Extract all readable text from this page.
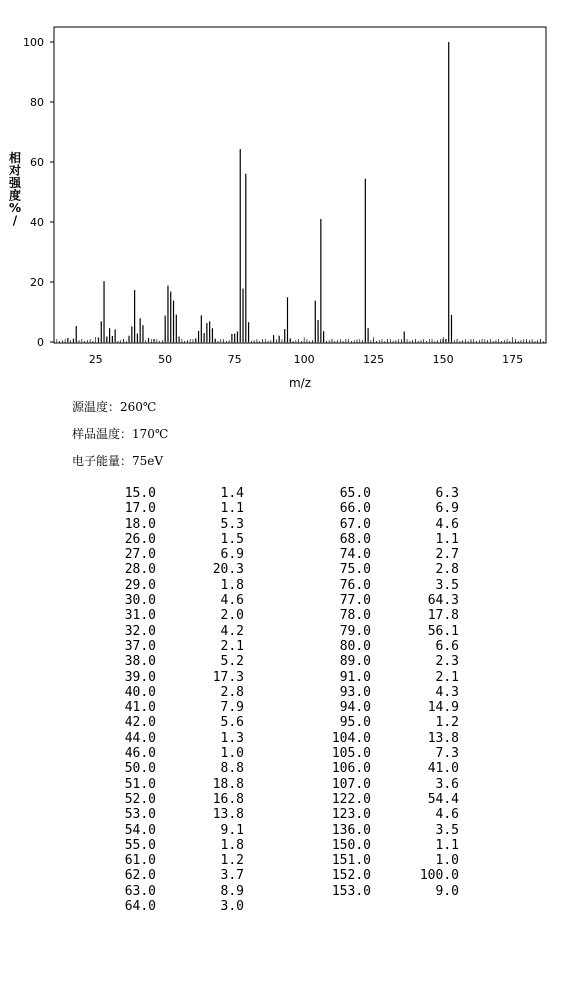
0
20
40
60
80
100
25	50	75	100	125	150	175
m/z
相
对
强
度
%
/
源温度：260℃
样品温度：170℃
电子能量：75eV
15.0	1.4
17.0	1.1
18.0	5.3
26.0	1.5
27.0	6.9
28.0	20.3
29.0	1.8
30.0	4.6
31.0	2.0
32.0	4.2
37.0	2.1
38.0	5.2
39.0	17.3
40.0	2.8
41.0	7.9
42.0	5.6
44.0	1.3
46.0	1.0
50.0	8.8
51.0	18.8
52.0	16.8
53.0	13.8
54.0	9.1
55.0	1.8
61.0	1.2
62.0	3.7
63.0	8.9
64.0	3.0
65.0	6.3
66.0	6.9
67.0	4.6
68.0	1.1
74.0	2.7
75.0	2.8
76.0	3.5
77.0	64.3
78.0	17.8
79.0	56.1
80.0	6.6
89.0	2.3
91.0	2.1
93.0	4.3
94.0	14.9
95.0	1.2
104.0	13.8
105.0	7.3
106.0	41.0
107.0	3.6
122.0	54.4
123.0	4.6
136.0	3.5
150.0	1.1
151.0	1.0
152.0	100.0
153.0	9.0
